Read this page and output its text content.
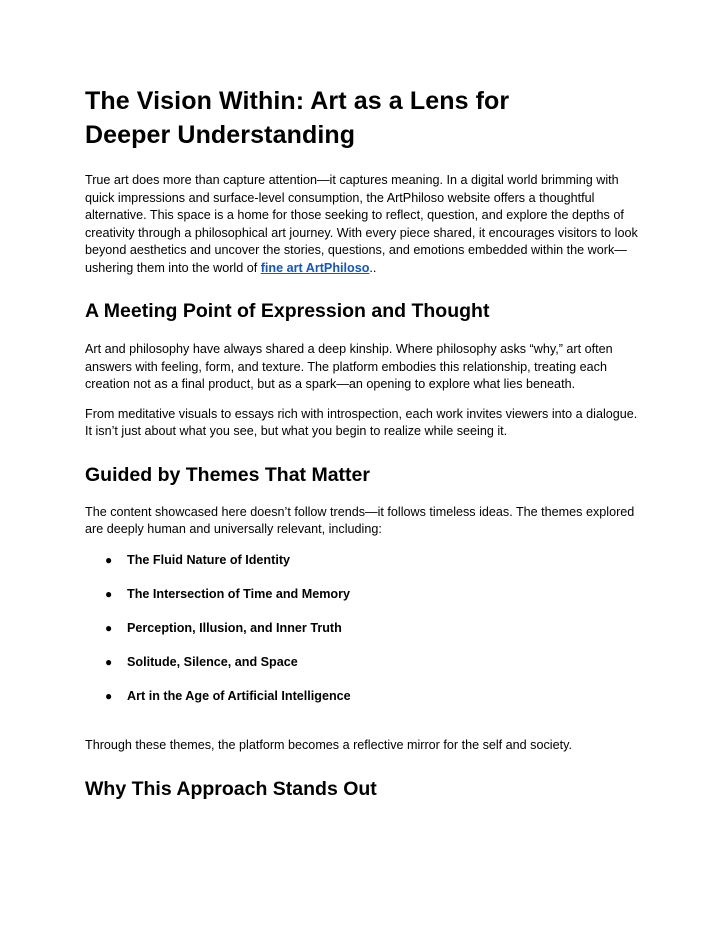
The Vision Within: Art as a Lens for Deeper Understanding

True art does more than capture attention—it captures meaning. In a digital world brimming with quick impressions and surface-level consumption, the ArtPhiloso website offers a thoughtful alternative. This space is a home for those seeking to reflect, question, and explore the depths of creativity through a philosophical art journey. With every piece shared, it encourages visitors to look beyond aesthetics and uncover the stories, questions, and emotions embedded within the work—ushering them into the world of fine art ArtPhiloso..

A Meeting Point of Expression and Thought

Art and philosophy have always shared a deep kinship. Where philosophy asks “why,” art often answers with feeling, form, and texture. The platform embodies this relationship, treating each creation not as a final product, but as a spark—an opening to explore what lies beneath.

From meditative visuals to essays rich with introspection, each work invites viewers into a dialogue. It isn’t just about what you see, but what you begin to realize while seeing it.

Guided by Themes That Matter

The content showcased here doesn’t follow trends—it follows timeless ideas. The themes explored are deeply human and universally relevant, including:

● The Fluid Nature of Identity
● The Intersection of Time and Memory
● Perception, Illusion, and Inner Truth
● Solitude, Silence, and Space
● Art in the Age of Artificial Intelligence

Through these themes, the platform becomes a reflective mirror for the self and society.

Why This Approach Stands Out
